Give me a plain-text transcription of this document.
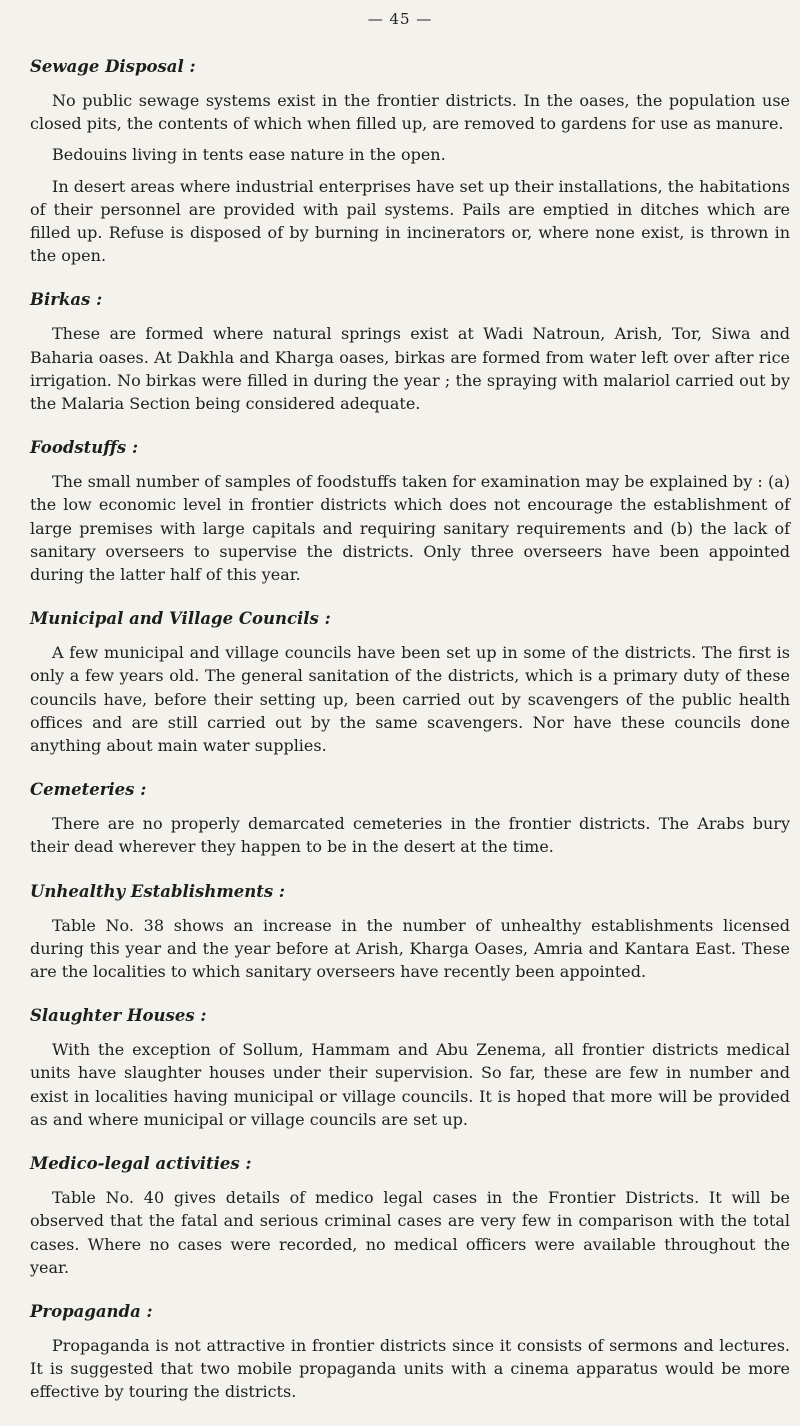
— 45 —
Sewage Disposal :

No public sewage systems exist in the frontier districts. In the oases, the population use closed pits, the contents of which when filled up, are removed to gardens for use as manure.

Bedouins living in tents ease nature in the open.

In desert areas where industrial enterprises have set up their installations, the habitations of their personnel are provided with pail systems. Pails are emptied in ditches which are filled up. Refuse is disposed of by burning in incinerators or, where none exist, is thrown in the open.

Birkas :

These are formed where natural springs exist at Wadi Natroun, Arish, Tor, Siwa and Baharia oases. At Dakhla and Kharga oases, birkas are formed from water left over after rice irrigation. No birkas were filled in during the year ; the spraying with malariol carried out by the Malaria Section being considered adequate.

Foodstuffs :

The small number of samples of foodstuffs taken for examination may be explained by : (a) the low economic level in frontier districts which does not encourage the establishment of large premises with large capitals and requiring sanitary requirements and (b) the lack of sanitary overseers to supervise the districts. Only three overseers have been appointed during the latter half of this year.

Municipal and Village Councils :

A few municipal and village councils have been set up in some of the districts. The first is only a few years old. The general sanitation of the districts, which is a primary duty of these councils have, before their setting up, been carried out by scavengers of the public health offices and are still carried out by the same scavengers. Nor have these councils done anything about main water supplies.

Cemeteries :

There are no properly demarcated cemeteries in the frontier districts. The Arabs bury their dead wherever they happen to be in the desert at the time.

Unhealthy Establishments :

Table No. 38 shows an increase in the number of unhealthy establishments licensed during this year and the year before at Arish, Kharga Oases, Amria and Kantara East. These are the localities to which sanitary overseers have recently been appointed.

Slaughter Houses :

With the exception of Sollum, Hammam and Abu Zenema, all frontier districts medical units have slaughter houses under their supervision. So far, these are few in number and exist in localities having municipal or village councils. It is hoped that more will be provided as and where municipal or village councils are set up.

Medico-legal activities :

Table No. 40 gives details of medico legal cases in the Frontier Districts. It will be observed that the fatal and serious criminal cases are very few in comparison with the total cases. Where no cases were recorded, no medical officers were available throughout the year.

Propaganda :

Propaganda is not attractive in frontier districts since it consists of sermons and lectures. It is suggested that two mobile propaganda units with a cinema apparatus would be more effective by touring the districts.
